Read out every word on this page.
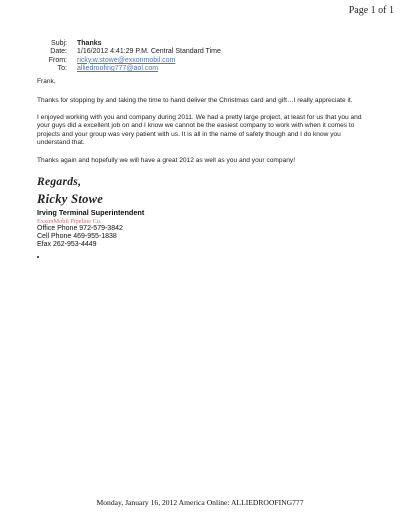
Page 1 of 1
Subj:	Thanks
Date:	1/16/2012 4:41:29 P.M. Central Standard Time
From:	ricky.w.stowe@exxonmobil.com
To:	alliedroofing777@aol.com

Frank,

Thanks for stopping by and taking the time to hand deliver the Christmas card and gift…I really appreciate it.

I enjoyed working with you and company during 2011. We had a pretty large project, at least for us that you and your guys did a excellent job on and I know we cannot be the easiest company to work with when it comes to projects and your group was very patient with us. It is all in the name of safety though and I do know you understand that.

Thanks again and hopefully we will have a great 2012 as well as you and your company!

Regards,
Ricky Stowe
Irving Terminal Superintendent
ExxonMobil Pipeline Co.
Office Phone 972-579-3842
Cell Phone 469-955-1838
Efax 262-953-4449
Monday, January 16, 2012 America Online: ALLIEDROOFING777
